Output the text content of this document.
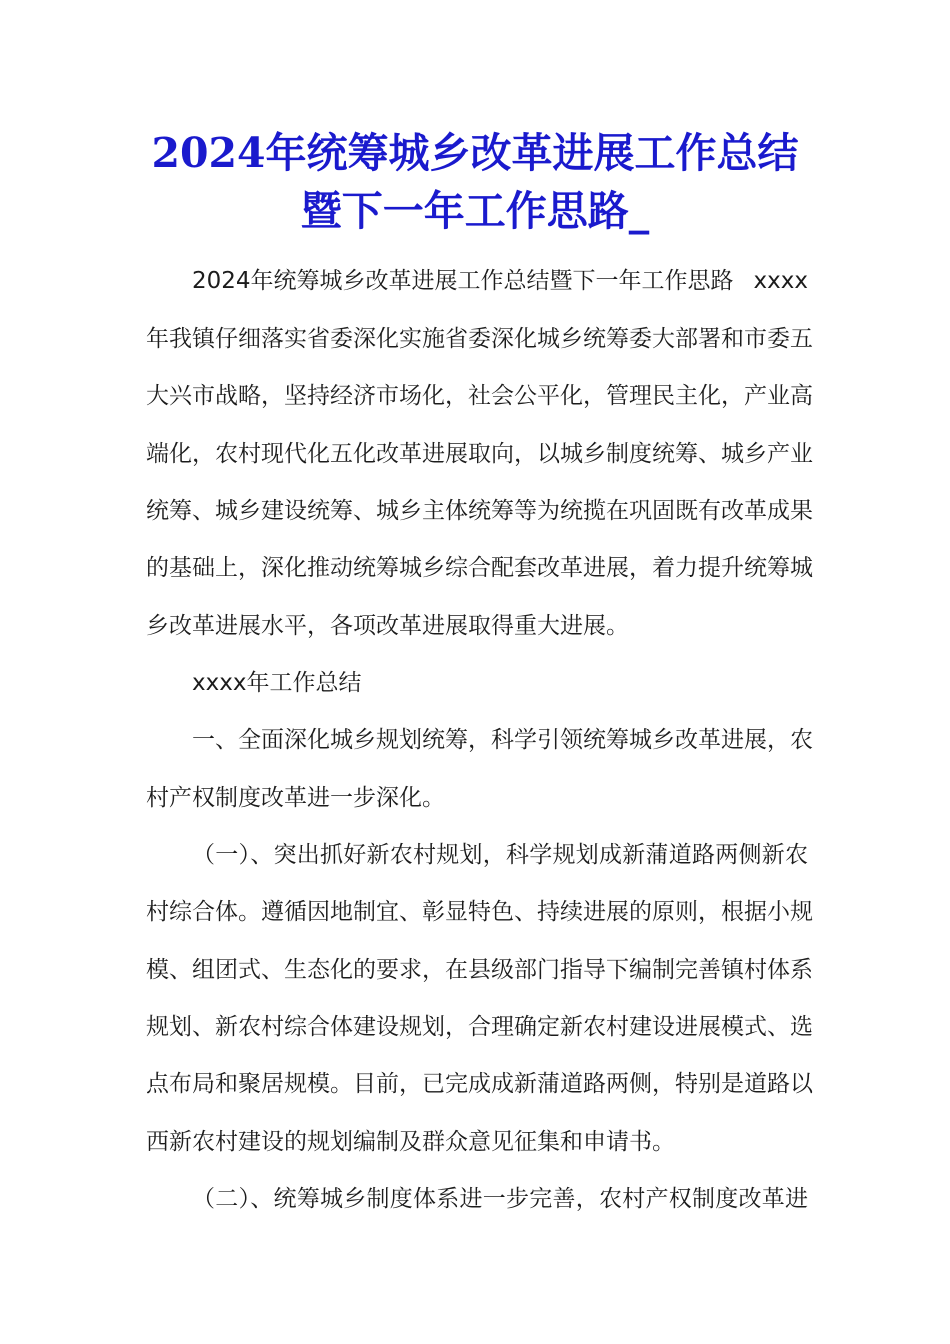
2024年统筹城乡改革进展工作总结
暨下一年工作思路_
2024年统筹城乡改革进展工作总结暨下一年工作思路 xxxx
年我镇仔细落实省委深化实施省委深化城乡统筹委大部署和市委五
大兴市战略，坚持经济市场化，社会公平化，管理民主化，产业高
端化，农村现代化五化改革进展取向，以城乡制度统筹、城乡产业
统筹、城乡建设统筹、城乡主体统筹等为统揽在巩固既有改革成果
的基础上，深化推动统筹城乡综合配套改革进展，着力提升统筹城
乡改革进展水平，各项改革进展取得重大进展。
xxxx年工作总结
一、全面深化城乡规划统筹，科学引领统筹城乡改革进展，农
村产权制度改革进一步深化。
（一）、突出抓好新农村规划，科学规划成新蒲道路两侧新农
村综合体。遵循因地制宜、彰显特色、持续进展的原则，根据小规
模、组团式、生态化的要求，在县级部门指导下编制完善镇村体系
规划、新农村综合体建设规划，合理确定新农村建设进展模式、选
点布局和聚居规模。目前，已完成成新蒲道路两侧，特别是道路以
西新农村建设的规划编制及群众意见征集和申请书。
（二）、统筹城乡制度体系进一步完善，农村产权制度改革进
